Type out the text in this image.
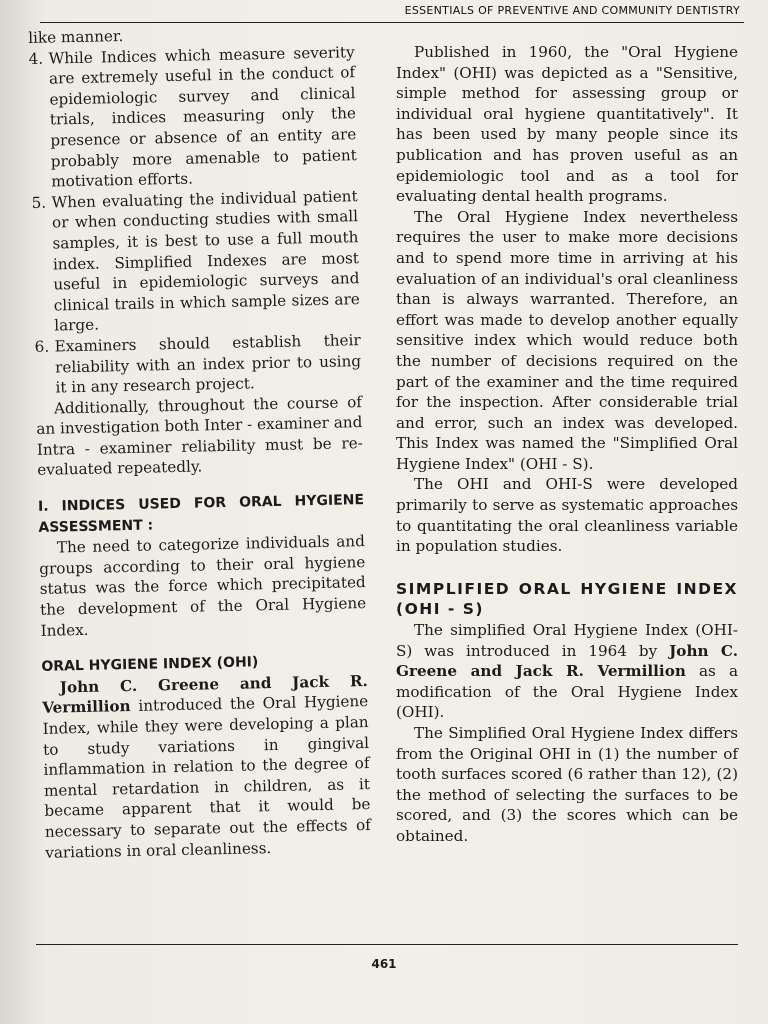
ESSENTIALS OF PREVENTIVE AND COMMUNITY DENTISTRY

like manner.

4. While Indices which measure severity are extremely useful in the conduct of epidemiologic survey and clinical trials, indices measuring only the presence or absence of an entity are probably more amenable to patient motivation efforts.
5. When evaluating the individual patient or when conducting studies with small samples, it is best to use a full mouth index. Simplified Indexes are most useful in epidemiologic surveys and clinical trails in which sample sizes are large.
6. Examiners should establish their reliability with an index prior to using it in any research project.

Additionally, throughout the course of an investigation both Inter - examiner and Intra - examiner reliability must be re-evaluated repeatedly.

I. INDICES USED FOR ORAL HYGIENE ASSESSMENT :

The need to categorize individuals and groups according to their oral hygiene status was the force which precipitated the development of the Oral Hygiene Index.

ORAL HYGIENE INDEX (OHI)

John C. Greene and Jack R. Vermillion introduced the Oral Hygiene Index, while they were developing a plan to study variations in gingival inflammation in relation to the degree of mental retardation in children, as it became apparent that it would be necessary to separate out the effects of variations in oral cleanliness.

Published in 1960, the "Oral Hygiene Index" (OHI) was depicted as a "Sensitive, simple method for assessing group or individual oral hygiene quantitatively". It has been used by many people since its publication and has proven useful as an epidemiologic tool and as a tool for evaluating dental health programs.

The Oral Hygiene Index nevertheless requires the user to make more decisions and to spend more time in arriving at his evaluation of an individual's oral cleanliness than is always warranted. Therefore, an effort was made to develop another equally sensitive index which would reduce both the number of decisions required on the part of the examiner and the time required for the inspection. After considerable trial and error, such an index was developed. This Index was named the "Simplified Oral Hygiene Index" (OHI - S).

The OHI and OHI-S were developed primarily to serve as systematic approaches to quantitating the oral cleanliness variable in population studies.

SIMPLIFIED ORAL HYGIENE INDEX (OHI - S)

The simplified Oral Hygiene Index (OHI-S) was introduced in 1964 by John C. Greene and Jack R. Vermillion as a modification of the Oral Hygiene Index (OHI).

The Simplified Oral Hygiene Index differs from the Original OHI in (1) the number of tooth surfaces scored (6 rather than 12), (2) the method of selecting the surfaces to be scored, and (3) the scores which can be obtained.

461
